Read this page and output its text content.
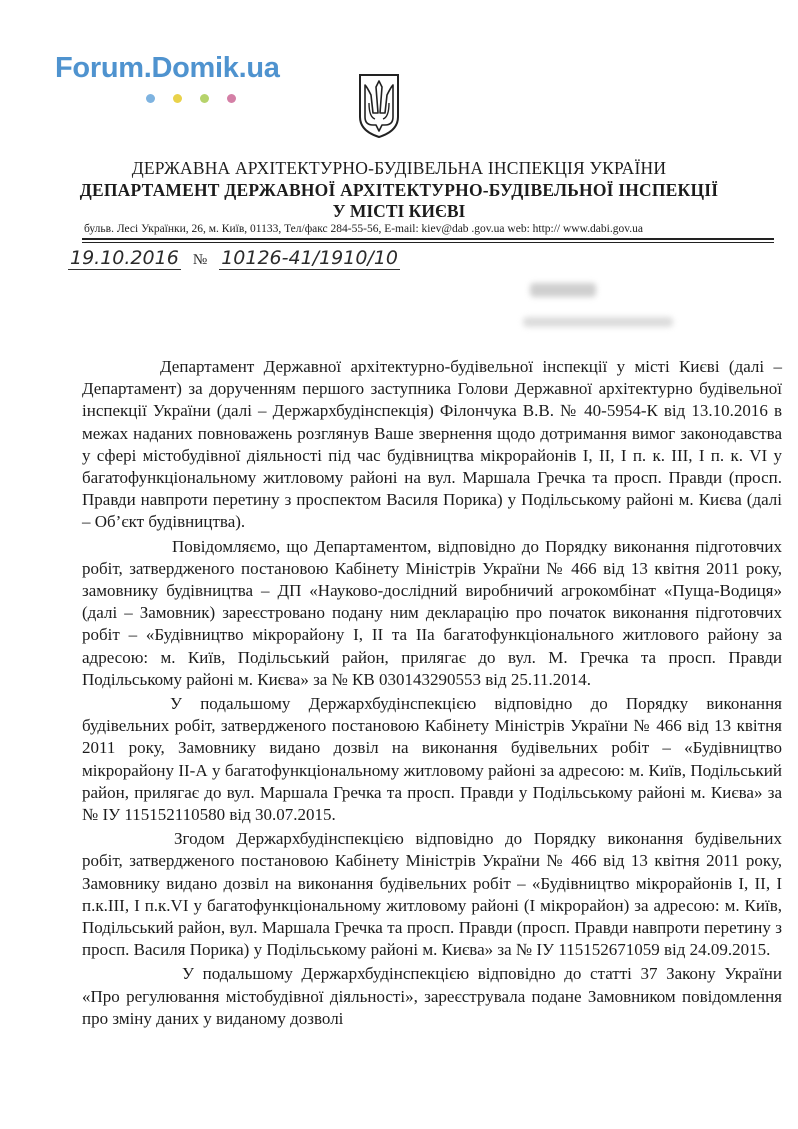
Forum.Domik.ua
ДЕРЖАВНА АРХІТЕКТУРНО-БУДІВЕЛЬНА ІНСПЕКЦІЯ УКРАЇНИ
ДЕПАРТАМЕНТ ДЕРЖАВНОЇ АРХІТЕКТУРНО-БУДІВЕЛЬНОЇ ІНСПЕКЦІЇ
У МІСТІ КИЄВІ
бульв. Лесі Українки, 26, м. Київ, 01133, Тел/факс 284-55-56, E-mail: kiev@dab .gov.ua web: http:// www.dabi.gov.ua
19.10.2016 № 10126-41/1910/10

Департамент Державної архітектурно-будівельної інспекції у місті Києві (далі – Департамент) за дорученням першого заступника Голови Державної архітектурно будівельної інспекції України (далі – Держархбудінспекція) Філончука В.В. № 40-5954-К від 13.10.2016 в межах наданих повноважень розглянув Ваше звернення щодо дотримання вимог законодавства у сфері містобудівної діяльності під час будівництва мікрорайонів І, ІІ, І п. к. ІІІ, І п. к. VI у багатофункціональному житловому районі на вул. Маршала Гречка та просп. Правди (просп. Правди навпроти перетину з проспектом Василя Порика) у Подільському районі м. Києва (далі – Об’єкт будівництва).

Повідомляємо, що Департаментом, відповідно до Порядку виконання підготовчих робіт, затвердженого постановою Кабінету Міністрів України № 466 від 13 квітня 2011 року, замовнику будівництва – ДП «Науково-дослідний виробничий агрокомбінат «Пуща-Водиця» (далі – Замовник) зареєстровано подану ним декларацію про початок виконання підготовчих робіт – «Будівництво мікрорайону І, ІІ та ІІа багатофункціонального житлового району за адресою: м. Київ, Подільський район, прилягає до вул. М. Гречка та просп. Правди Подільському районі м. Києва» за № КВ 030143290553 від 25.11.2014.

У подальшому Держархбудінспекцією відповідно до Порядку виконання будівельних робіт, затвердженого постановою Кабінету Міністрів України № 466 від 13 квітня 2011 року, Замовнику видано дозвіл на виконання будівельних робіт – «Будівництво мікрорайону ІІ-А у багатофункціональному житловому районі за адресою: м. Київ, Подільський район, прилягає до вул. Маршала Гречка та просп. Правди у Подільському районі м. Києва» за № ІУ 115152110580 від 30.07.2015.

Згодом Держархбудінспекцією відповідно до Порядку виконання будівельних робіт, затвердженого постановою Кабінету Міністрів України № 466 від 13 квітня 2011 року, Замовнику видано дозвіл на виконання будівельних робіт – «Будівництво мікрорайонів І, ІІ, І п.к.ІІІ, І п.к.VI у багатофункціональному житловому районі (І мікрорайон) за адресою: м. Київ, Подільський район, вул. Маршала Гречка та просп. Правди (просп. Правди навпроти перетину з просп. Василя Порика) у Подільському районі м. Києва» за № ІУ 115152671059 від 24.09.2015.

У подальшому Держархбудінспекцією відповідно до статті 37 Закону України «Про регулювання містобудівної діяльності», зареєструвала подане Замовником повідомлення про зміну даних у виданому дозволі
